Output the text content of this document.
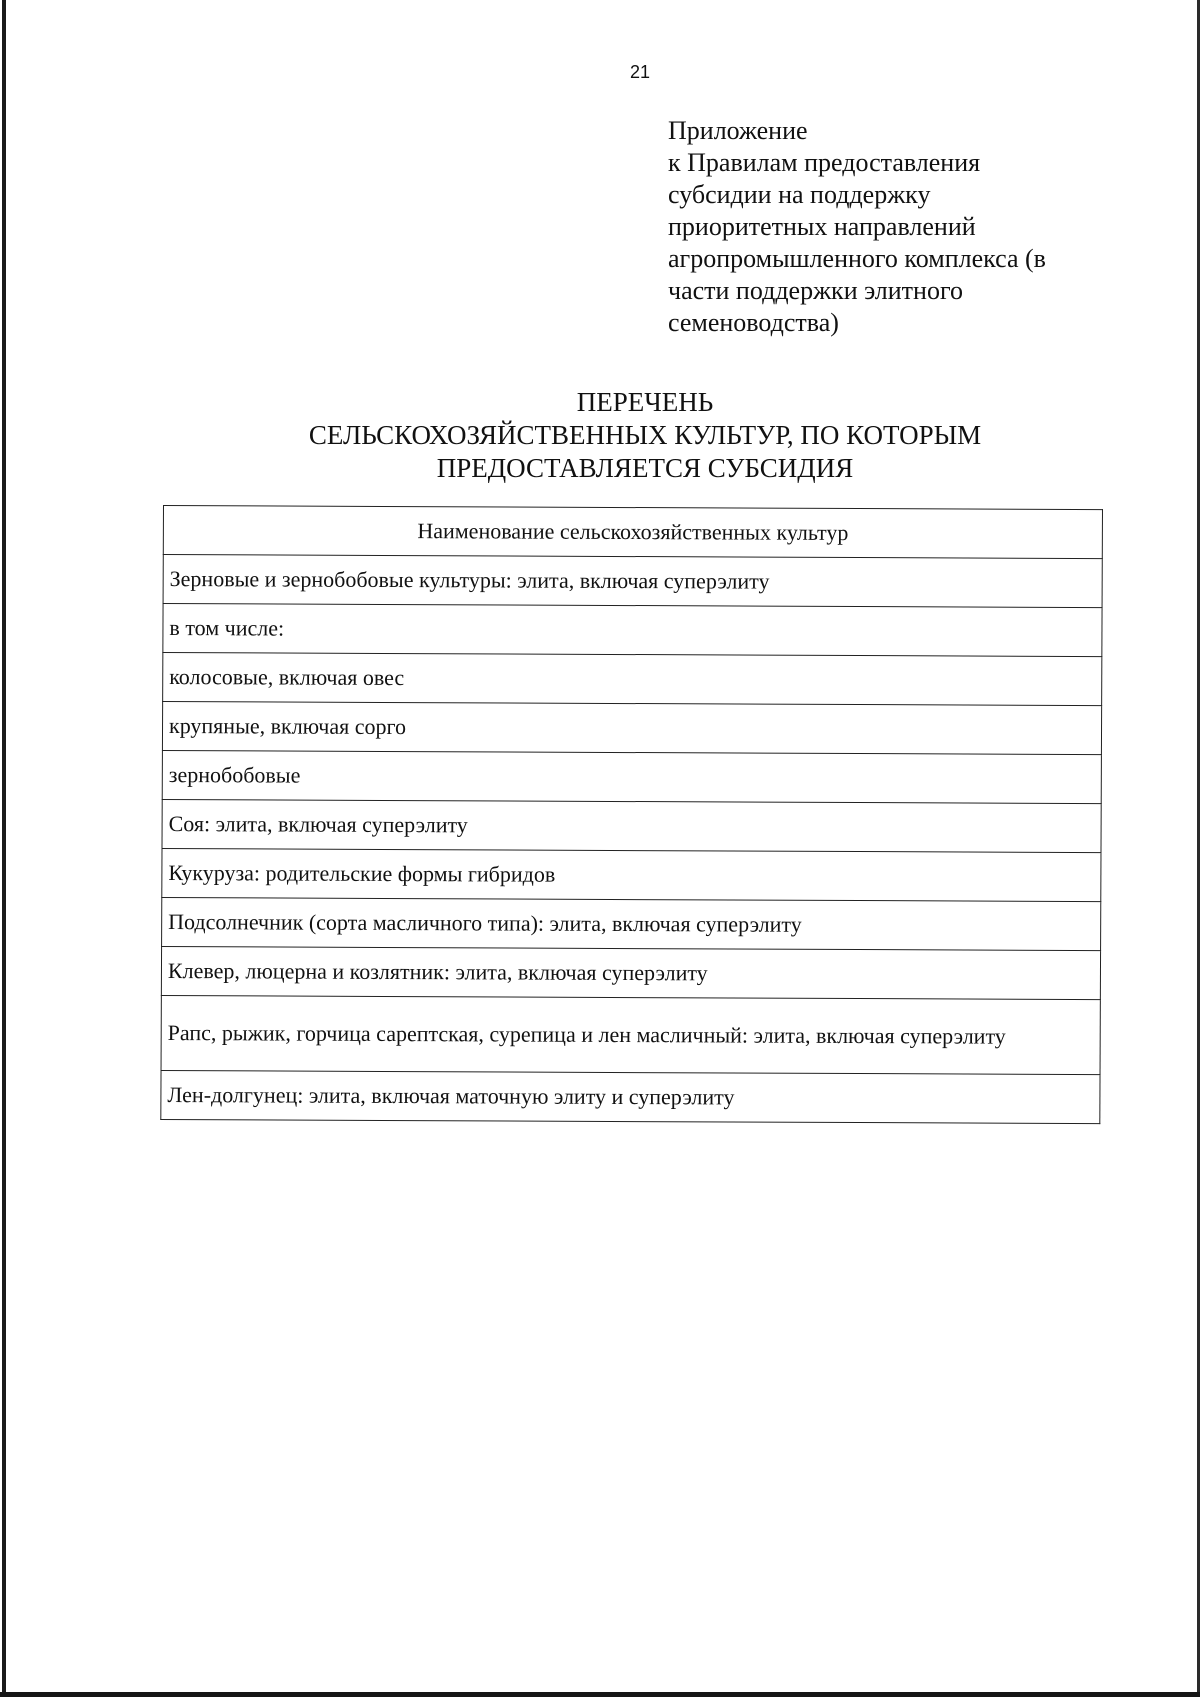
21
Приложение
к Правилам предоставления
субсидии на поддержку
приоритетных направлений
агропромышленного комплекса (в
части поддержки элитного
семеноводства)
ПЕРЕЧЕНЬ
СЕЛЬСКОХОЗЯЙСТВЕННЫХ КУЛЬТУР, ПО КОТОРЫМ
ПРЕДОСТАВЛЯЕТСЯ СУБСИДИЯ
Наименование сельскохозяйственных культур
Зерновые и зернобобовые культуры: элита, включая суперэлиту
в том числе:
колосовые, включая овес
крупяные, включая сорго
зернобобовые
Соя: элита, включая суперэлиту
Кукуруза: родительские формы гибридов
Подсолнечник (сорта масличного типа): элита, включая суперэлиту
Клевер, люцерна и козлятник: элита, включая суперэлиту
Рапс, рыжик, горчица сарептская, сурепица и лен масличный: элита, включая суперэлиту
Лен-долгунец: элита, включая маточную элиту и суперэлиту
